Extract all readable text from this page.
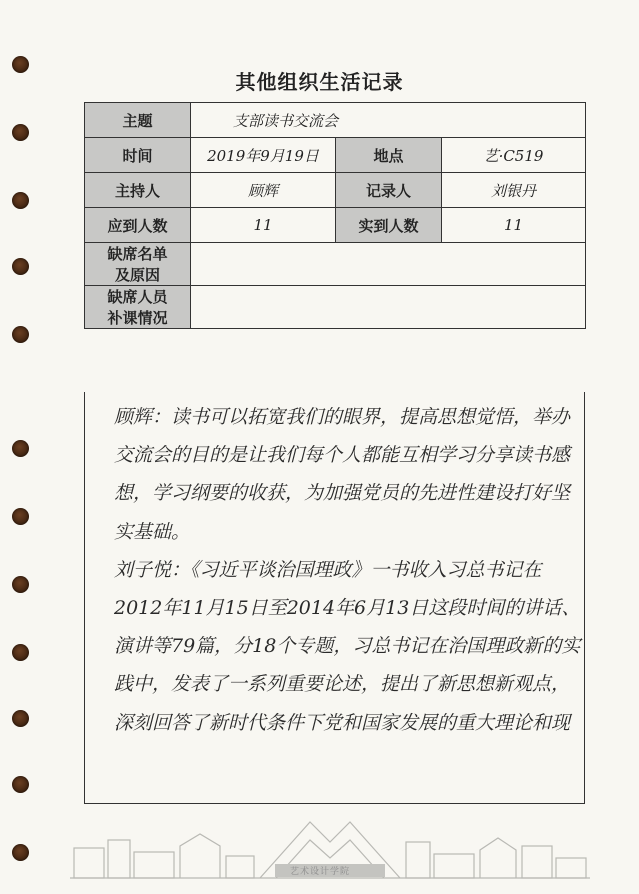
其他组织生活记录
主题	支部读书交流会		
时间	2019年9月19日	地点	艺·C519
主持人	顾辉	记录人	刘银丹
应到人数	11	实到人数	11

缺席名单
及原因			

缺席人员
补课情况			

顾辉：读书可以拓宽我们的眼界，提高思想觉悟，举办交流会的目的是让我们每个人都能互相学习分享读书感想，学习纲要的收获，为加强党员的先进性建设打好坚实基础。
刘子悦：《习近平谈治国理政》一书收入习总书记在2012年11月15日至2014年6月13日这段时间的讲话、演讲等79篇，分18个专题，习总书记在治国理政新的实践中，发表了一系列重要论述，提出了新思想新观点，深刻回答了新时代条件下党和国家发展的重大理论和现
艺术设计学院
